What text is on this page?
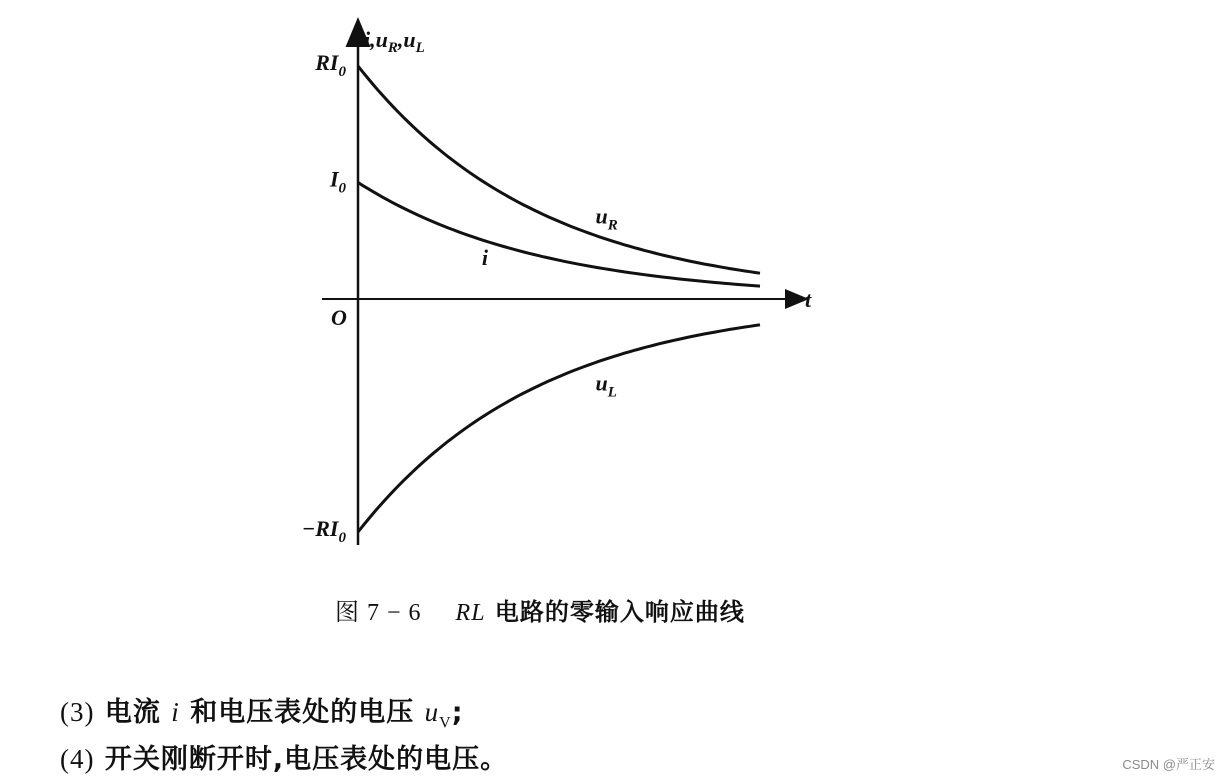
$i,u_R,u_L$
t
O
$RI_0$
$I_0$
$-RI_0$
$u_R$
i
$u_L$
图 7 − 6 RL 电路的零输入响应曲线
(3) 电流 i 和电压表处的电压 $u_V$;
(4) 开关刚断开时,电压表处的电压。	CSDN @严正安
